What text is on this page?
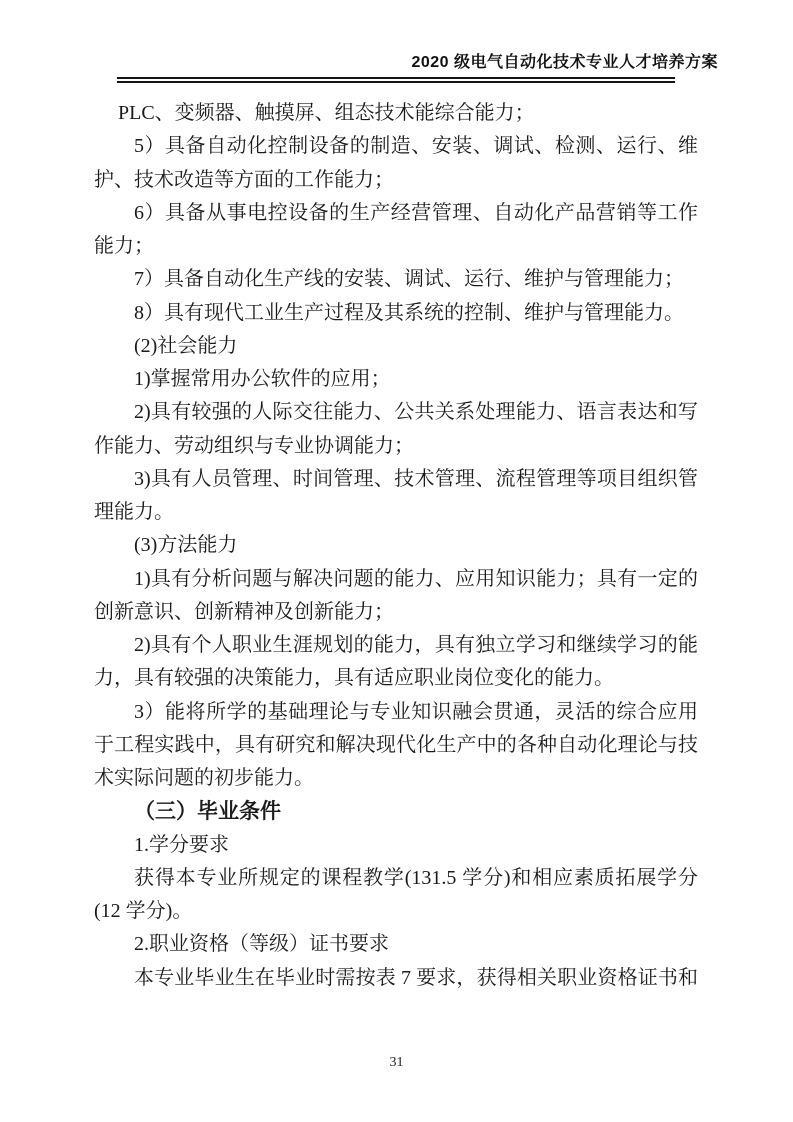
2020 级电气自动化技术专业人才培养方案
PLC、变频器、触摸屏、组态技术能综合能力；
5）具备自动化控制设备的制造、安装、调试、检测、运行、维
护、技术改造等方面的工作能力；
6）具备从事电控设备的生产经营管理、自动化产品营销等工作
能力；
7）具备自动化生产线的安装、调试、运行、维护与管理能力；
8）具有现代工业生产过程及其系统的控制、维护与管理能力。
(2)社会能力
1)掌握常用办公软件的应用；
2)具有较强的人际交往能力、公共关系处理能力、语言表达和写
作能力、劳动组织与专业协调能力；
3)具有人员管理、时间管理、技术管理、流程管理等项目组织管
理能力。
(3)方法能力
1)具有分析问题与解决问题的能力、应用知识能力；具有一定的
创新意识、创新精神及创新能力；
2)具有个人职业生涯规划的能力，具有独立学习和继续学习的能
力，具有较强的决策能力，具有适应职业岗位变化的能力。
3）能将所学的基础理论与专业知识融会贯通，灵活的综合应用
于工程实践中，具有研究和解决现代化生产中的各种自动化理论与技
术实际问题的初步能力。
（三）毕业条件
1.学分要求
获得本专业所规定的课程教学(131.5 学分)和相应素质拓展学分
(12 学分)。
2.职业资格（等级）证书要求
本专业毕业生在毕业时需按表 7 要求，获得相关职业资格证书和
31
